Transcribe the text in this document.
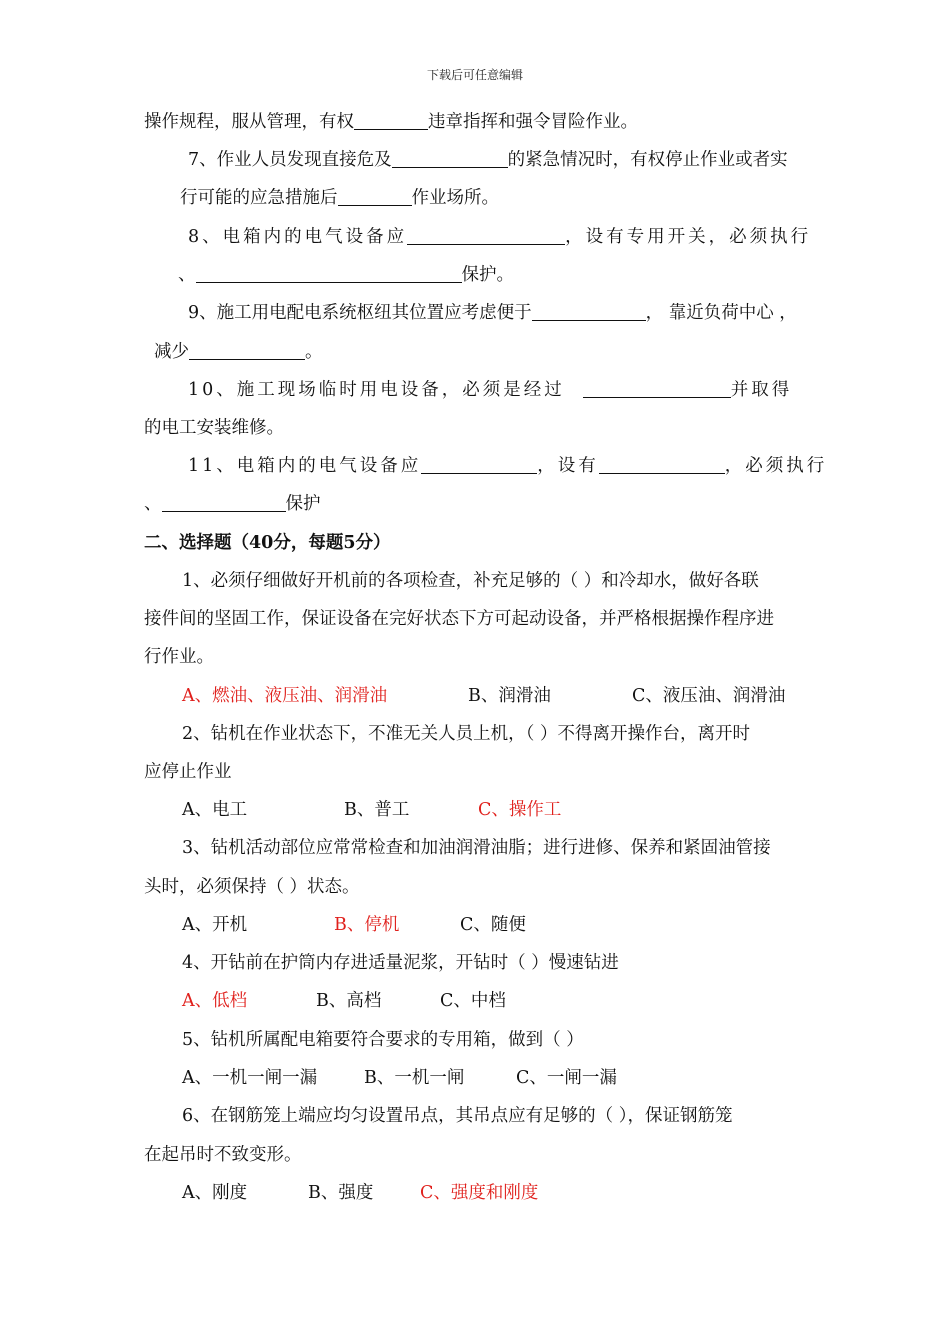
下载后可任意编辑
操作规程，服从管理，有权	违章指挥和强令冒险作业。
7、作业人员发现直接危及	的紧急情况时，有权停止作业或者实
行可能的应急措施后	作业场所。
8、电箱内的电气设备应	，设有专用开关，必须执行
、	保护。
9、施工用电配电系统枢纽其位置应考虑便于	， 靠近负荷中心 ，
减少	。
10、施工现场临时用电设备，必须是经过	并取得
的电工安装维修。
11、电箱内的电气设备应	，设有	，必须执行
、	保护
二、选择题（40分，每题5分）
1、必须仔细做好开机前的各项检查，补充足够的（ ）和冷却水，做好各联
接件间的坚固工作，保证设备在完好状态下方可起动设备，并严格根据操作程序进
行作业。
A、燃油、液压油、润滑油	B、润滑油	C、液压油、润滑油
2、钻机在作业状态下，不准无关人员上机，（ ）不得离开操作台，离开时
应停止作业
A、电工	B、普工	C、操作工
3、钻机活动部位应常常检查和加油润滑油脂；进行进修、保养和紧固油管接
头时，必须保持（ ）状态。
A、开机	B、停机	C、随便
4、开钻前在护筒内存进适量泥浆，开钻时（ ）慢速钻进
A、低档	B、高档	C、中档
5、钻机所属配电箱要符合要求的专用箱，做到（ ）
A、一机一闸一漏	B、一机一闸	C、一闸一漏
6、在钢筋笼上端应均匀设置吊点，其吊点应有足够的（ ），保证钢筋笼
在起吊时不致变形。
A、刚度	B、强度	C、强度和刚度
